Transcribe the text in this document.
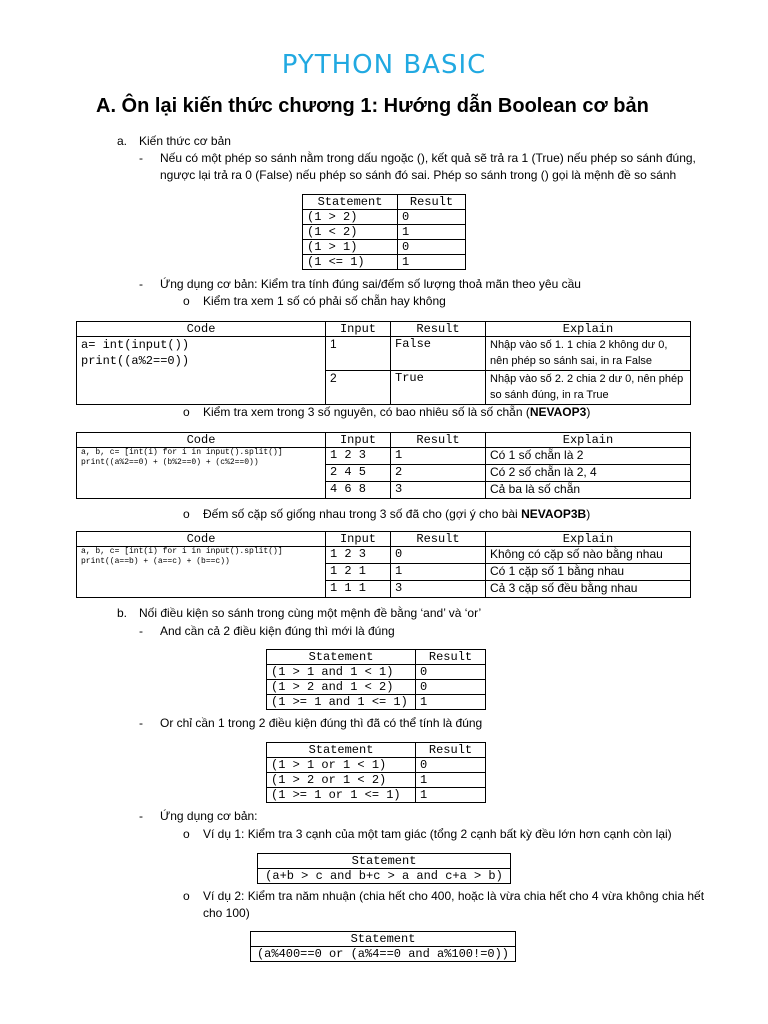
PYTHON BASIC
A. Ôn lại kiến thức chương 1: Hướng dẫn Boolean cơ bản
a. Kiến thức cơ bản
- Nếu có một phép so sánh nằm trong dấu ngoặc (), kết quả sẽ trả ra 1 (True) nếu phép so sánh đúng,
ngược lại trả ra 0 (False) nếu phép so sánh đó sai. Phép so sánh trong () gọi là mệnh đề so sánh
Statement	Result
(1 > 2)	0
(1 < 2)	1
(1 > 1)	0
(1 <= 1)	1
- Ứng dụng cơ bản: Kiểm tra tính đúng sai/đếm số lượng thoả mãn theo yêu cầu
o Kiểm tra xem 1 số có phải số chẵn hay không
Code	Input	Result	Explain

a= int(input())
print((a%2==0))	1	False	Nhập vào số 1. 1 chia 2 không dư 0, nên phép so sánh sai, in ra False
	2	True	Nhập vào số 2. 2 chia 2 dư 0, nên phép so sánh đúng, in ra True
o Kiểm tra xem trong 3 số nguyên, có bao nhiêu số là số chẵn (NEVAOP3)
Code	Input	Result	Explain

a, b, c= [int(i) for i in input().split()]
print((a%2==0) + (b%2==0) + (c%2==0))	1 2 3	1	Có 1 số chẵn là 2
	2 4 5	2	Có 2 số chẵn là 2, 4
	4 6 8	3	Cả ba là số chẵn
o Đếm số cặp số giống nhau trong 3 số đã cho (gợi ý cho bài NEVAOP3B)
Code	Input	Result	Explain

a, b, c= [int(i) for i in input().split()]
print((a==b) + (a==c) + (b==c))	1 2 3	0	Không có cặp số nào bằng nhau
	1 2 1	1	Có 1 cặp số 1 bằng nhau
	1 1 1	3	Cả 3 cặp số đều bằng nhau
b. Nối điều kiện so sánh trong cùng một mệnh đề bằng ‘and’ và ‘or’
- And cần cả 2 điều kiện đúng thì mới là đúng
Statement	Result
(1 > 1 and 1 < 1)	0
(1 > 2 and 1 < 2)	0
(1 >= 1 and 1 <= 1)	1
- Or chỉ cần 1 trong 2 điều kiện đúng thì đã có thể tính là đúng
Statement	Result
(1 > 1 or 1 < 1)	0
(1 > 2 or 1 < 2)	1
(1 >= 1 or 1 <= 1)	1
- Ứng dụng cơ bản:
o Ví dụ 1: Kiểm tra 3 cạnh của một tam giác (tổng 2 cạnh bất kỳ đều lớn hơn cạnh còn lại)
Statement
(a+b > c and b+c > a and c+a > b)
o Ví dụ 2: Kiểm tra năm nhuận (chia hết cho 400, hoặc là vừa chia hết cho 4 vừa không chia hết
cho 100)
Statement
(a%400==0 or (a%4==0 and a%100!=0))
